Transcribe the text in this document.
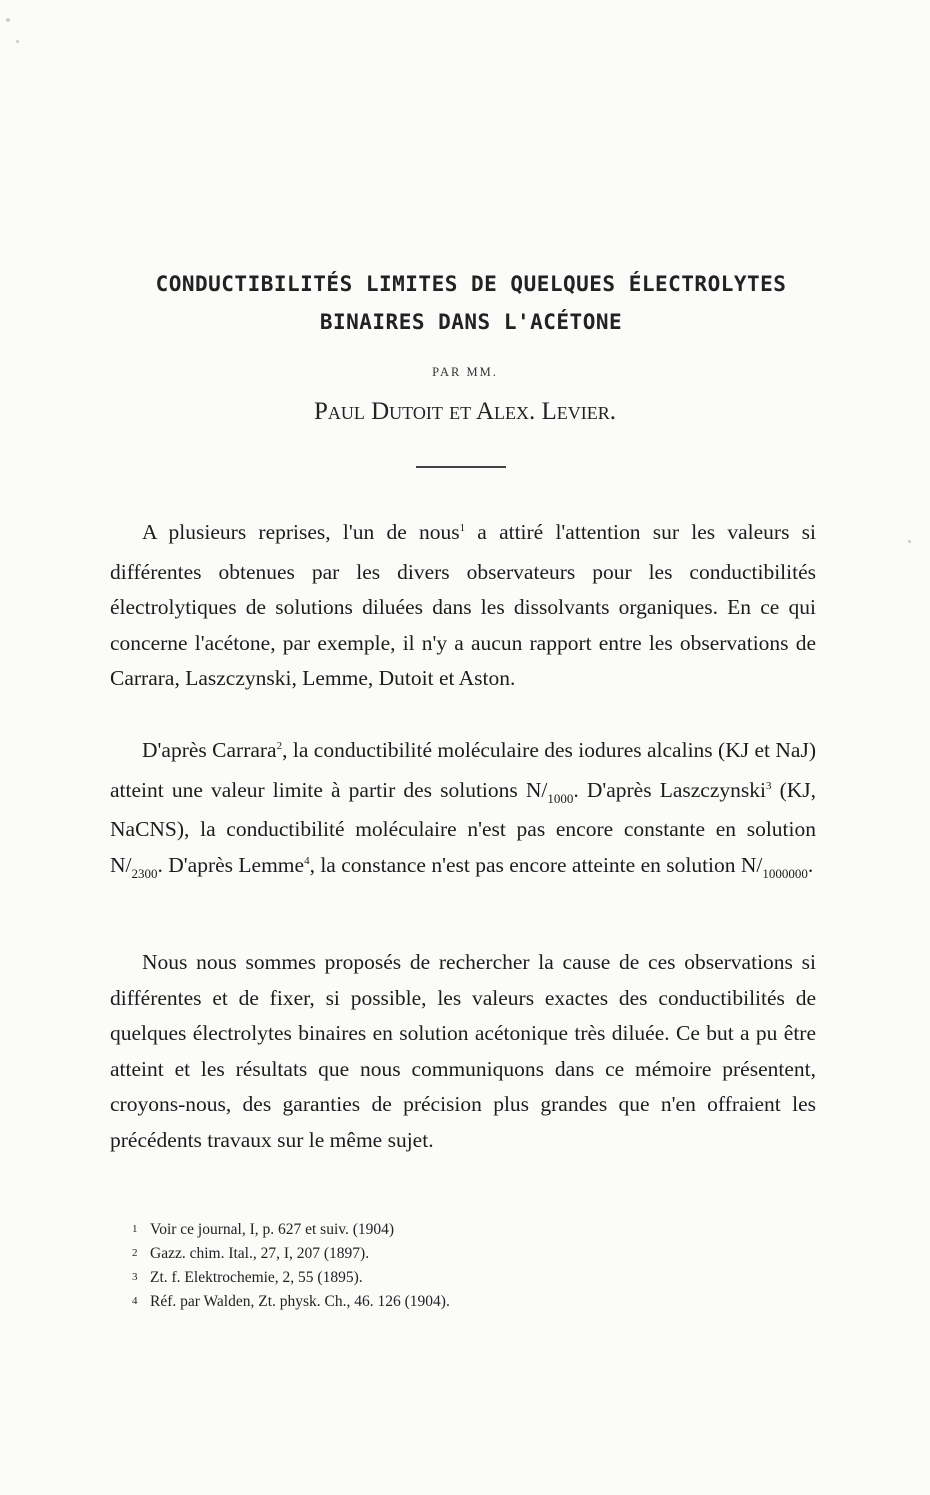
CONDUCTIBILITÉS LIMITES DE QUELQUES ÉLECTROLYTES
BINAIRES DANS L'ACÉTONE
PAR MM.
Paul Dutoit et Alex. Levier.

A plusieurs reprises, l'un de nous$^1$ a attiré l'attention sur les valeurs si différentes obtenues par les divers observateurs pour les conductibilités électrolytiques de solutions diluées dans les dissolvants organiques. En ce qui concerne l'acétone, par exemple, il n'y a aucun rapport entre les observations de Carrara, Laszczynski, Lemme, Dutoit et Aston.

D'après Carrara$^2$, la conductibilité moléculaire des iodures alcalins (KJ et NaJ) atteint une valeur limite à partir des solutions $N/_{1000}$. D'après Laszczynski$^3$ (KJ, NaCNS), la conductibilité moléculaire n'est pas encore constante en solution $N/_{2300}$. D'après Lemme$^4$, la constance n'est pas encore atteinte en solution $N/_{1000000}$.

Nous nous sommes proposés de rechercher la cause de ces observations si différentes et de fixer, si possible, les valeurs exactes des conductibilités de quelques électrolytes binaires en solution acétonique très diluée. Ce but a pu être atteint et les résultats que nous communiquons dans ce mémoire présentent, croyons-nous, des garanties de précision plus grandes que n'en offraient les précédents travaux sur le même sujet.

1 Voir ce journal, I, p. 627 et suiv. (1904)
2 Gazz. chim. Ital., 27, I, 207 (1897).
3 Zt. f. Elektrochemie, 2, 55 (1895).
4 Réf. par Walden, Zt. physk. Ch., 46. 126 (1904).
